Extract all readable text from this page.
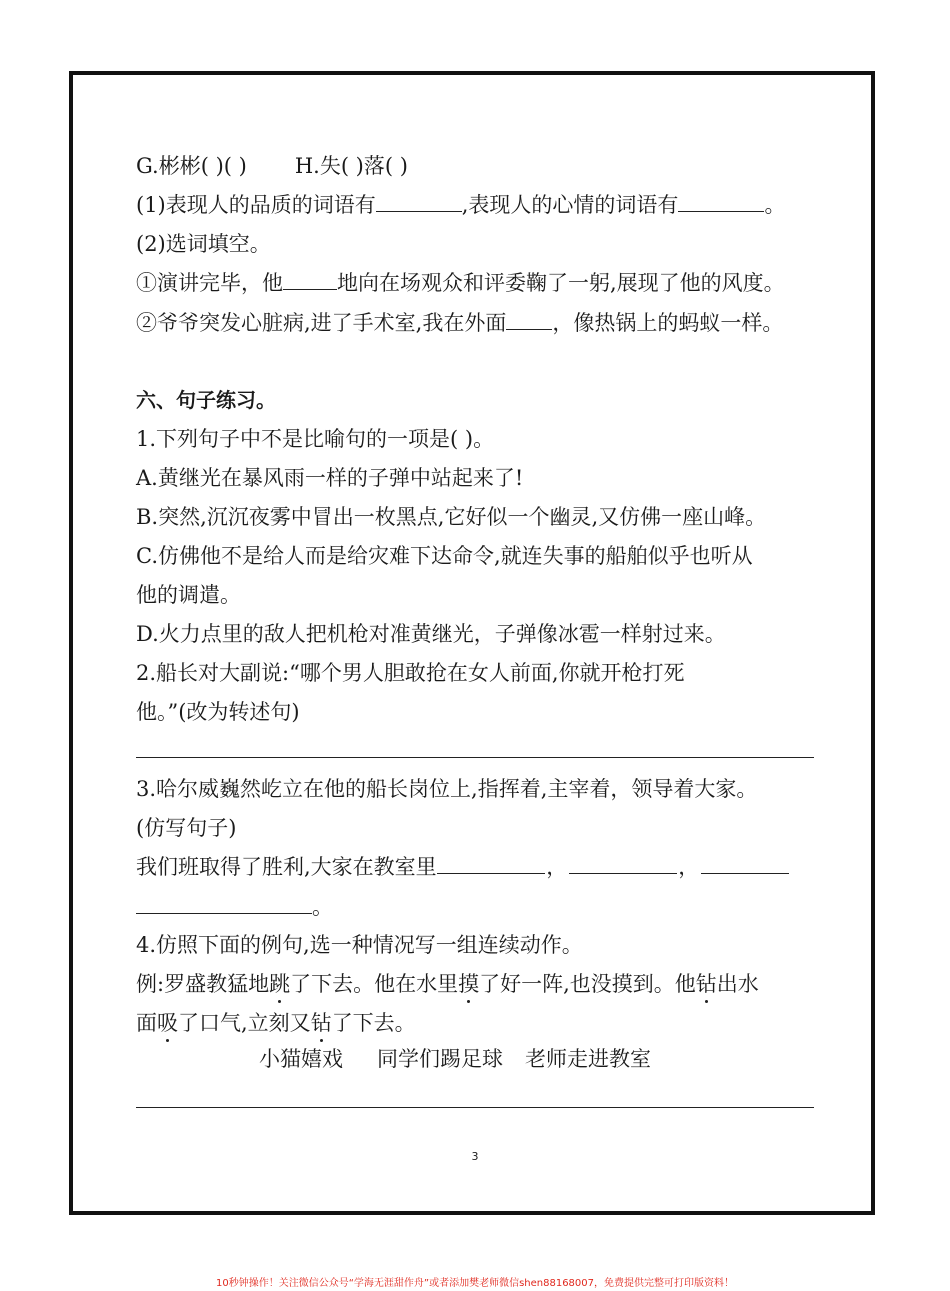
G.彬彬( )( ) H.失( )落( )
(1)表现人的品质的词语有	,表现人的心情的词语有	。
(2)选词填空。
①演讲完毕，他	地向在场观众和评委鞠了一躬,展现了他的风度。
②爷爷突发心脏病,进了手术室,我在外面 ，像热锅上的蚂蚁一样。
六、句子练习。
1.下列句子中不是比喻句的一项是( )。
A.黄继光在暴风雨一样的子弹中站起来了!
B.突然,沉沉夜雾中冒出一枚黑点,它好似一个幽灵,又仿佛一座山峰。
C.仿佛他不是给人而是给灾难下达命令,就连失事的船舶似乎也听从
他的调遣。
D.火力点里的敌人把机枪对准黄继光，子弹像冰雹一样射过来。
2.船长对大副说:“哪个男人胆敢抢在女人前面,你就开枪打死
他。”(改为转述句)
3.哈尔威巍然屹立在他的船长岗位上,指挥着,主宰着，领导着大家。
(仿写句子)
我们班取得了胜利,大家在教室里	，	，
。
4.仿照下面的例句,选一种情况写一组连续动作。
例:罗盛教猛地跳了下去。他在水里摸了好一阵,也没摸到。他钻出水
面吸了口气,立刻又钻了下去。
小猫嬉戏 同学们踢足球 老师走进教室
3
10秒钟操作！关注微信公众号“学海无涯甜作舟”或者添加樊老师微信shen88168007，免费提供完整可打印版资料！
